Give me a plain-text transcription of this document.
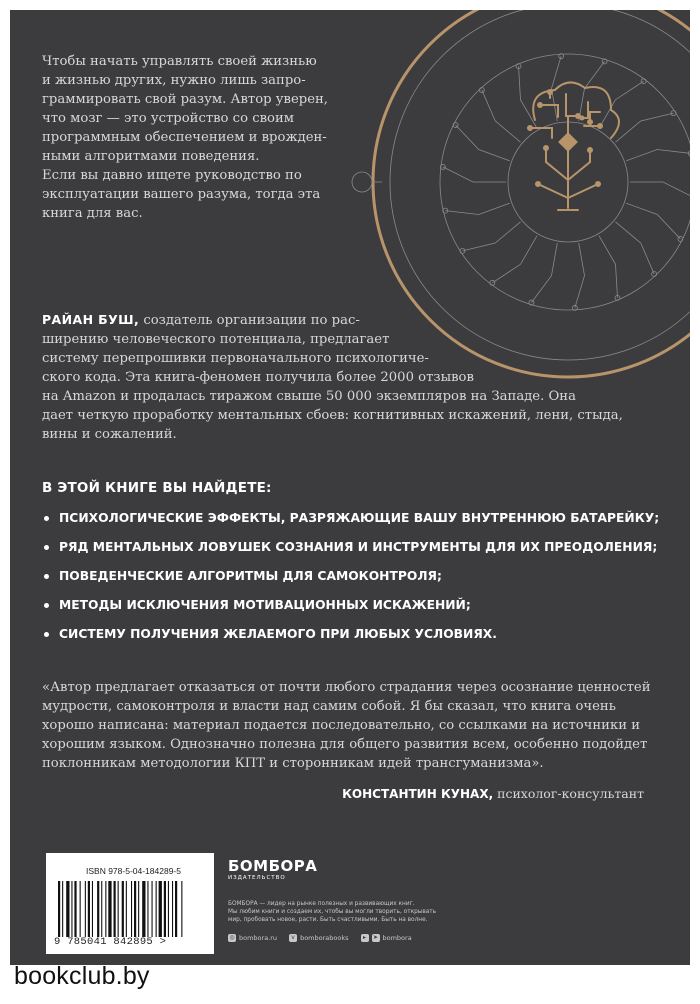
Чтобы начать управлять своей жизнью

и жизнью других, нужно лишь запро-

граммировать свой разум. Автор уверен,

что мозг — это устройство со своим

программным обеспечением и врожден-

ными алгоритмами поведения.

Если вы давно ищете руководство по

эксплуатации вашего разума, тогда эта

книга для вас.

РАЙАН БУШ, создатель организации по рас-
ширению человеческого потенциала, предлагает
систему перепрошивки первоначального психологиче-
ского кода. Эта книга-феномен получила более 2000 отзывов
на Amazon и продалась тиражом свыше 50 000 экземпляров на Западе. Она
дает четкую проработку ментальных сбоев: когнитивных искажений, лени, стыда,
вины и сожалений.
В ЭТОЙ КНИГЕ ВЫ НАЙДЕТЕ:
ПСИХОЛОГИЧЕСКИЕ ЭФФЕКТЫ, РАЗРЯЖАЮЩИЕ ВАШУ ВНУТРЕННЮЮ БАТАРЕЙКУ;
РЯД МЕНТАЛЬНЫХ ЛОВУШЕК СОЗНАНИЯ И ИНСТРУМЕНТЫ ДЛЯ ИХ ПРЕОДОЛЕНИЯ;
ПОВЕДЕНЧЕСКИЕ АЛГОРИТМЫ ДЛЯ САМОКОНТРОЛЯ;
МЕТОДЫ ИСКЛЮЧЕНИЯ МОТИВАЦИОННЫХ ИСКАЖЕНИЙ;
СИСТЕМУ ПОЛУЧЕНИЯ ЖЕЛАЕМОГО ПРИ ЛЮБЫХ УСЛОВИЯХ.
«Автор предлагает отказаться от почти любого страдания через осознание ценностей
мудрости, самоконтроля и власти над самим собой. Я бы сказал, что книга очень
хорошо написана: материал подается последовательно, со ссылками на источники и
хорошим языком. Однозначно полезна для общего развития всем, особенно подойдет
поклонникам методологии КПТ и сторонникам идей трансгуманизма».
КОНСТАНТИН КУНАХ, психолог-консультант
ISBN 978-5-04-184289-5
9 785041 842895 >
БОМБОРА
ИЗДАТЕЛЬСТВО
БОМБОРА — лидер на рынке полезных и развивающих книг.
Мы любим книги и создаем их, чтобы вы могли творить, открывать
мир, пробовать новое, расти. Быть счастливыми. Быть на волне.
◎ bombora.ru	v bomborabooks	▸	➤ bombora
bookclub.by
